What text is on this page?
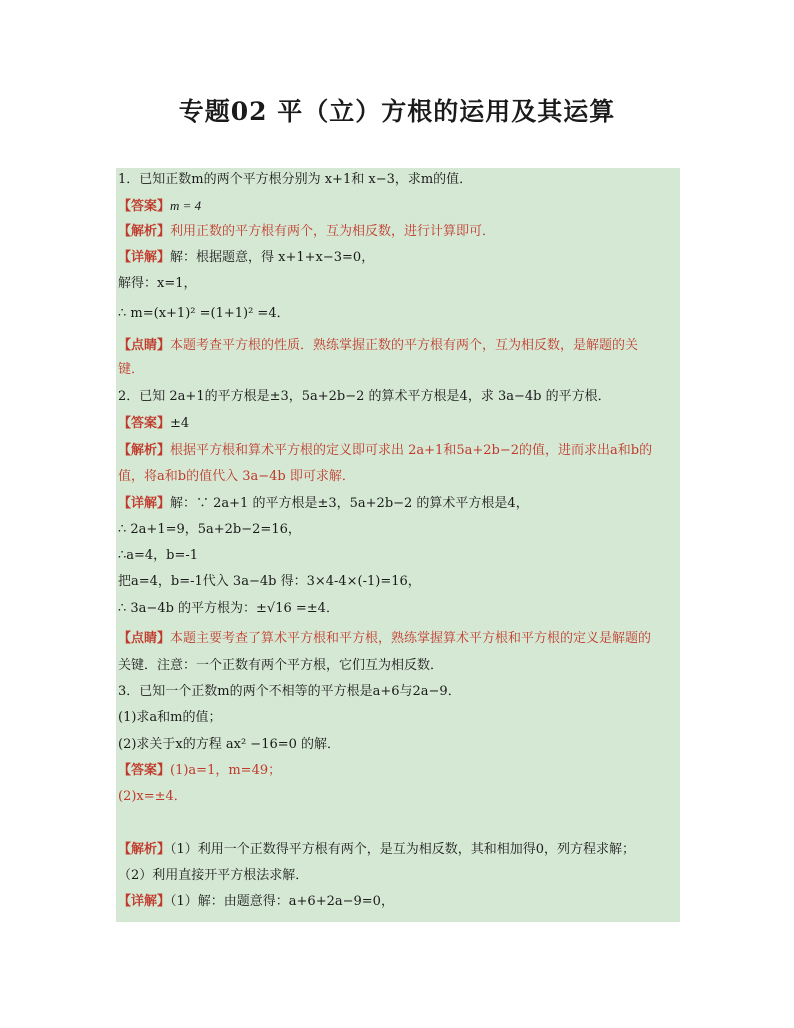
专题02 平（立）方根的运用及其运算
1．已知正数m的两个平方根分别为 x+1和 x−3，求m的值．
【答案】m = 4
【解析】利用正数的平方根有两个，互为相反数，进行计算即可．
【详解】解：根据题意，得 x+1+x−3=0，
解得：x=1，
∴ m=(x+1)² =(1+1)² =4．
【点睛】本题考查平方根的性质．熟练掌握正数的平方根有两个，互为相反数，是解题的关
键．
2．已知 2a+1的平方根是±3，5a+2b−2 的算术平方根是4，求 3a−4b 的平方根．
【答案】±4
【解析】根据平方根和算术平方根的定义即可求出 2a+1和5a+2b−2的值，进而求出a和b的
值，将a和b的值代入 3a−4b 即可求解．
【详解】解：∵ 2a+1 的平方根是±3，5a+2b−2 的算术平方根是4，
∴ 2a+1=9，5a+2b−2=16，
∴a=4，b=-1
把a=4，b=-1代入 3a−4b 得：3×4-4×(-1)=16，
∴ 3a−4b 的平方根为：±√16 =±4．
【点睛】本题主要考查了算术平方根和平方根，熟练掌握算术平方根和平方根的定义是解题的
关键．注意：一个正数有两个平方根，它们互为相反数．
3．已知一个正数m的两个不相等的平方根是a+6与2a−9．
(1)求a和m的值；
(2)求关于x的方程 ax² −16=0 的解．
【答案】(1)a=1，m=49；
(2)x=±4．
【解析】（1）利用一个正数得平方根有两个，是互为相反数，其和相加得0，列方程求解；
（2）利用直接开平方根法求解．
【详解】（1）解：由题意得：a+6+2a−9=0，
